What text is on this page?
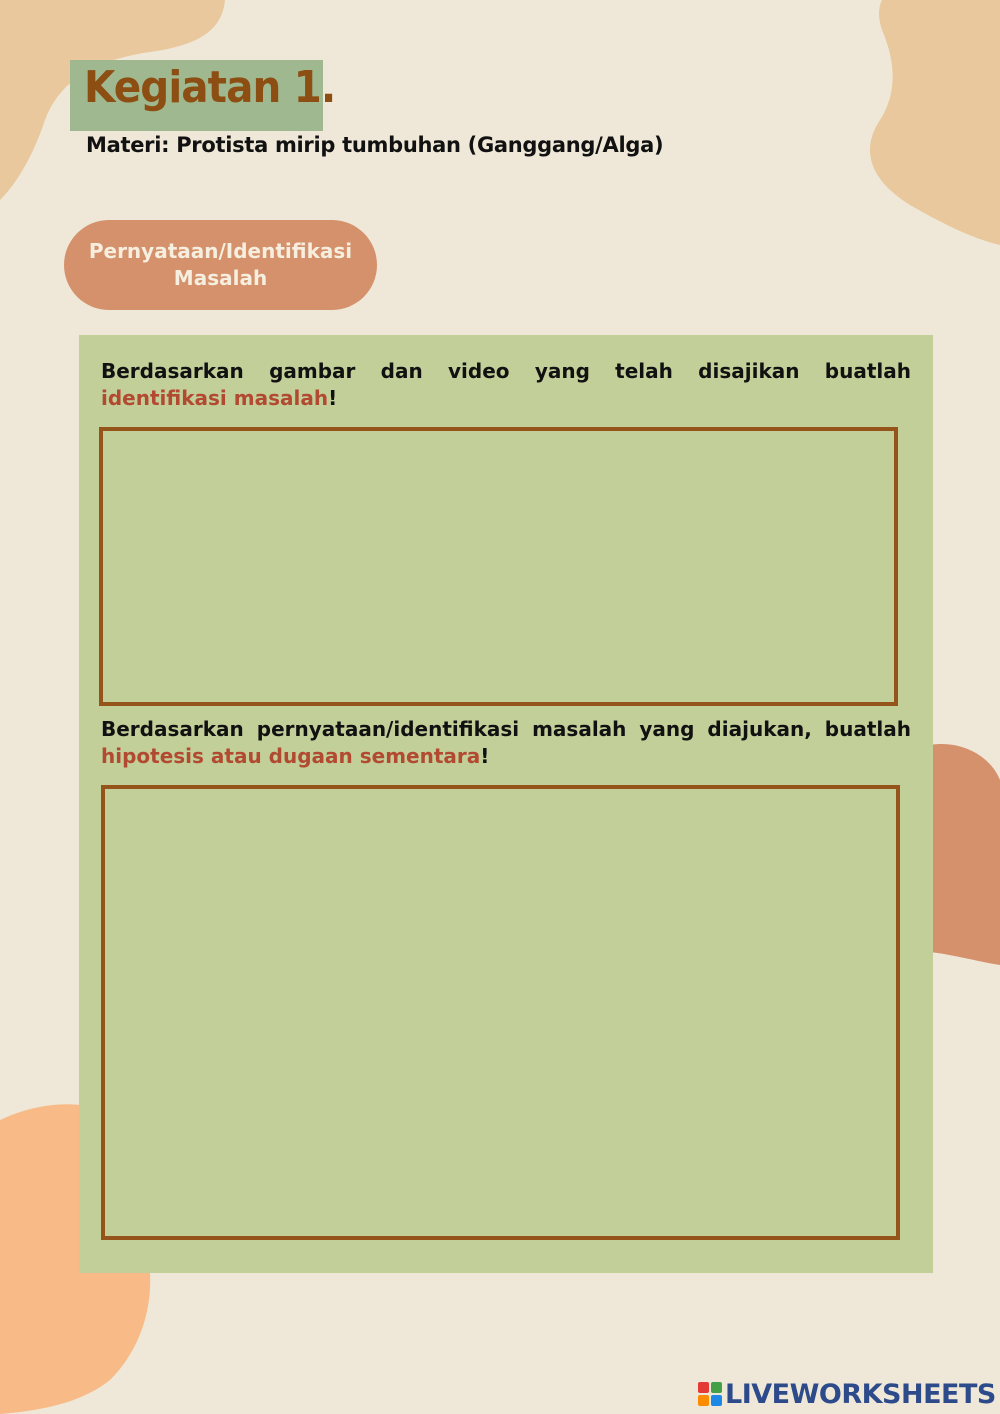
Kegiatan 1.
Materi: Protista mirip tumbuhan (Ganggang/Alga)
Pernyataan/Identifikasi
Masalah
Berdasarkan gambar dan video yang telah disajikan buatlah identifikasi masalah!
Berdasarkan pernyataan/identifikasi masalah yang diajukan, buatlah hipotesis atau dugaan sementara!
LIVEWORKSHEETS
